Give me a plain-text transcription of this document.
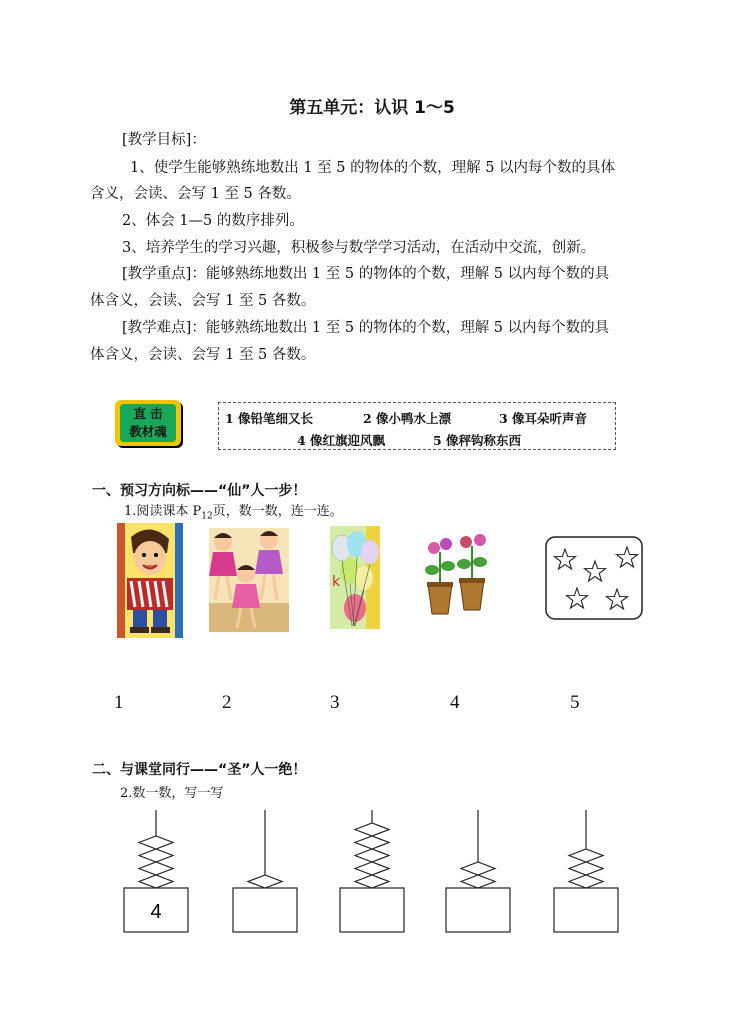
第五单元：认识 1～5
[教学目标]：
1、使学生能够熟练地数出 1 至 5 的物体的个数，理解 5 以内每个数的具体
含义，会读、会写 1 至 5 各数。
2、体会 1—5 的数序排列。
3、培养学生的学习兴趣，积极参与数学学习活动，在活动中交流，创新。
[教学重点]：能够熟练地数出 1 至 5 的物体的个数，理解 5 以内每个数的具
体含义，会读、会写 1 至 5 各数。
[教学难点]：能够熟练地数出 1 至 5 的物体的个数，理解 5 以内每个数的具
体含义，会读、会写 1 至 5 各数。
直 击
教材魂
1 像铅笔细又长	2 像小鸭水上漂	3 像耳朵听声音
4 像红旗迎风飘	5 像秤钩称东西
一、预习方向标——“仙”人一步！
1.阅读课本 $P_{12}$页，数一数，连一连。
k
1	2	3	4	5
二、与课堂同行——“圣”人一绝！
2.数一数，写一写
4
